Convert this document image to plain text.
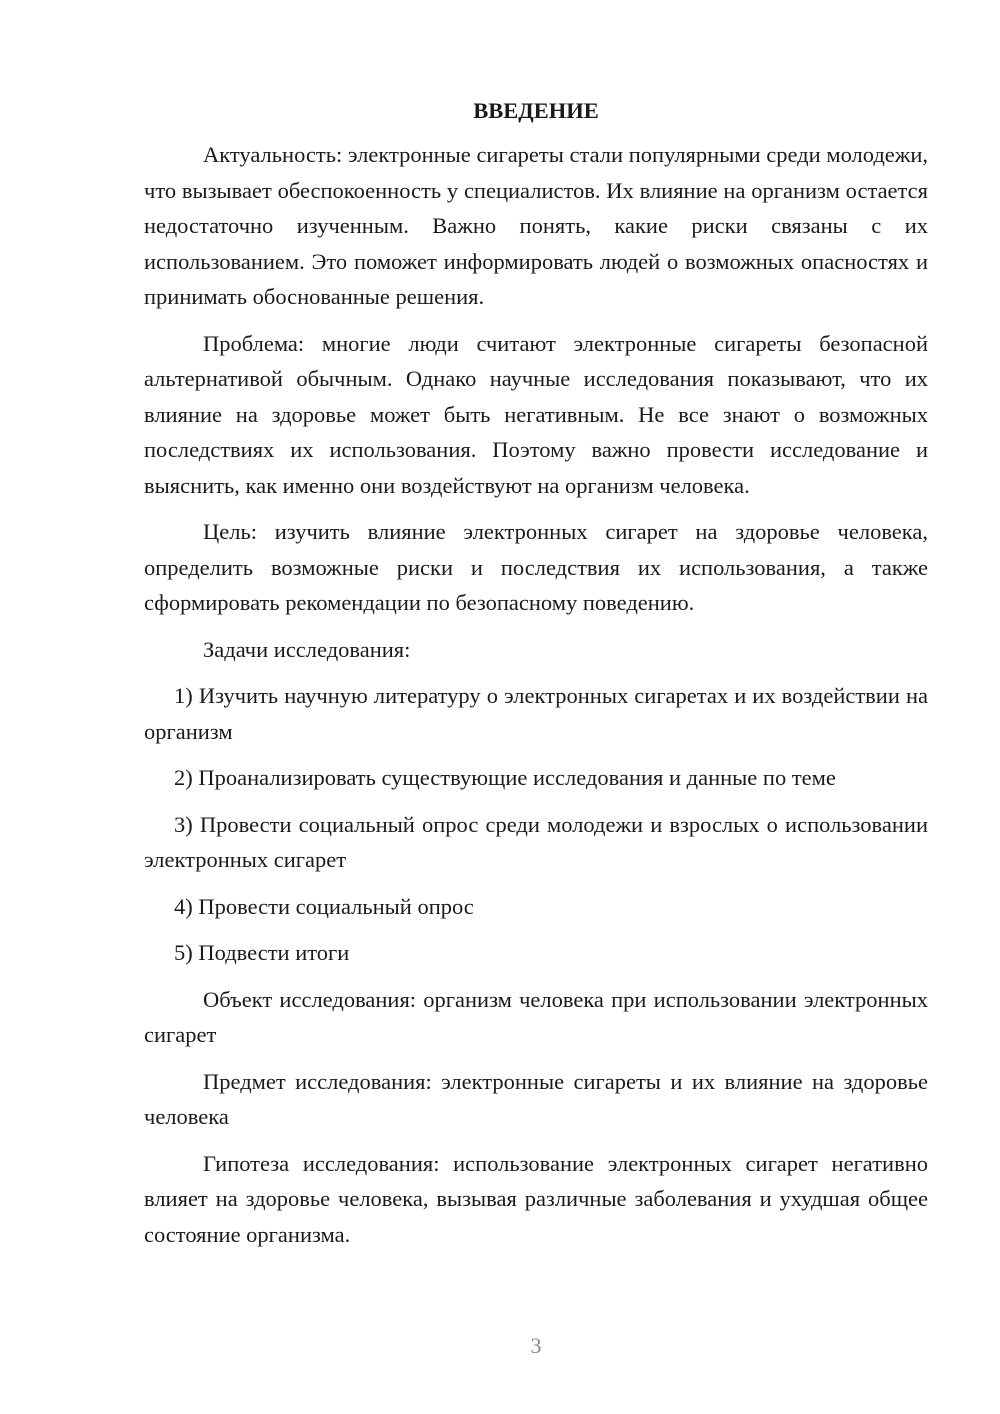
ВВЕДЕНИЕ

Актуальность: электронные сигареты стали популярными среди молодежи, что вызывает обеспокоенность у специалистов. Их влияние на организм остается недостаточно изученным. Важно понять, какие риски связаны с их использованием. Это поможет информировать людей о возможных опасностях и принимать обоснованные решения.

Проблема: многие люди считают электронные сигареты безопасной альтернативой обычным. Однако научные исследования показывают, что их влияние на здоровье может быть негативным. Не все знают о возможных последствиях их использования. Поэтому важно провести исследование и выяснить, как именно они воздействуют на организм человека.

Цель: изучить влияние электронных сигарет на здоровье человека, определить возможные риски и последствия их использования, а также сформировать рекомендации по безопасному поведению.

Задачи исследования:

1) Изучить научную литературу о электронных сигаретах и их воздействии на организм

2) Проанализировать существующие исследования и данные по теме

3) Провести социальный опрос среди молодежи и взрослых о использовании электронных сигарет

4) Провести социальный опрос

5) Подвести итоги

Объект исследования: организм человека при использовании электронных сигарет

Предмет исследования: электронные сигареты и их влияние на здоровье человека

Гипотеза исследования: использование электронных сигарет негативно влияет на здоровье человека, вызывая различные заболевания и ухудшая общее состояние организма.

3
